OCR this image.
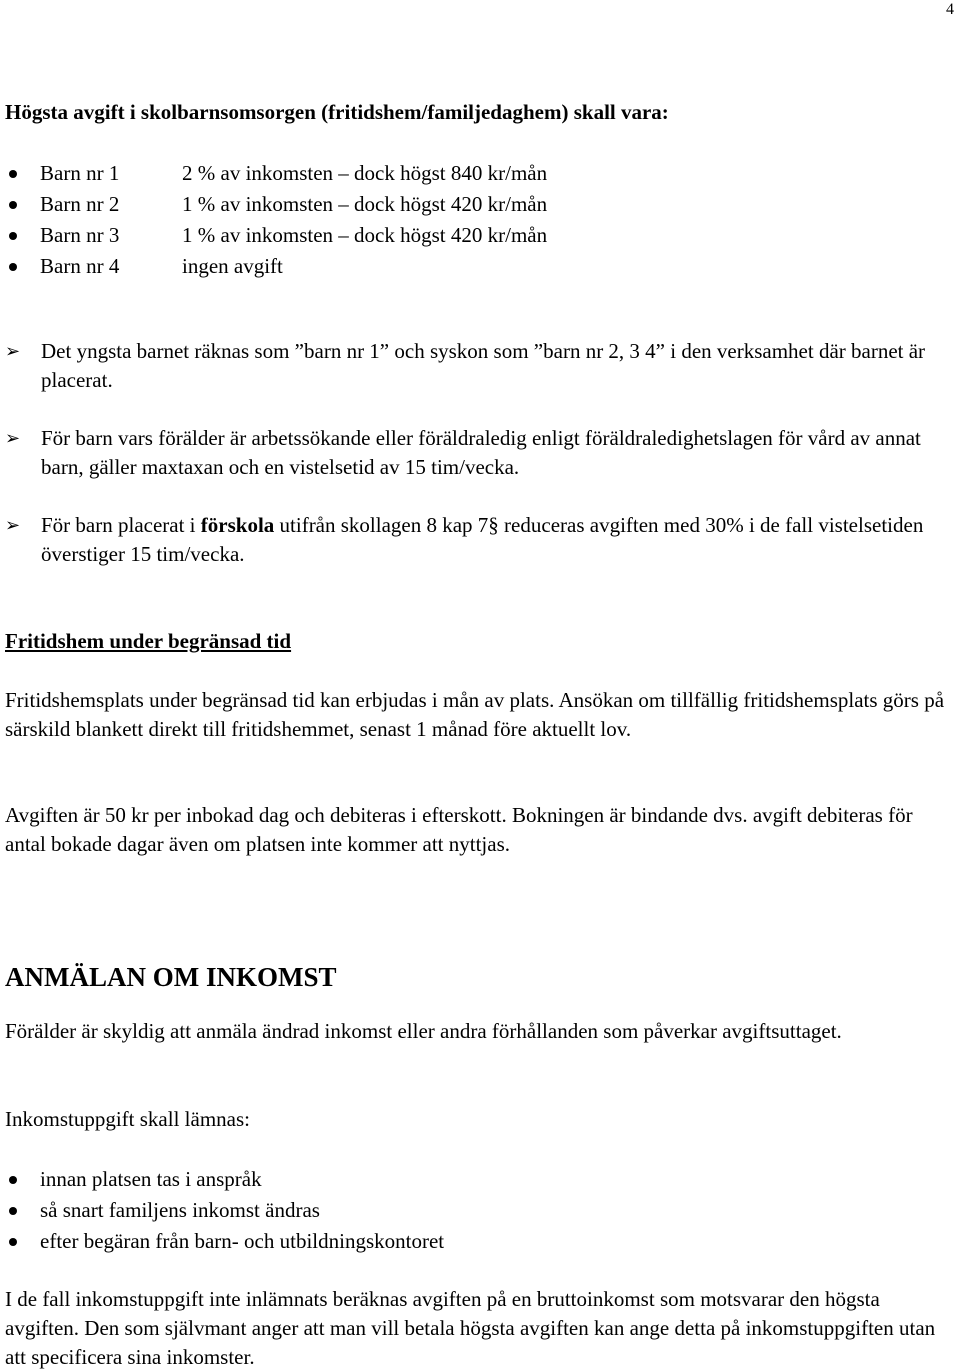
4
Högsta avgift i skolbarnsomsorgen (fritidshem/familjedaghem) skall vara:
Barn nr 1	2 % av inkomsten – dock högst 840 kr/mån
Barn nr 2	1 % av inkomsten – dock högst 420 kr/mån
Barn nr 3	1 % av inkomsten – dock högst 420 kr/mån
Barn nr 4	ingen avgift
➢ Det yngsta barnet räknas som ”barn nr 1” och syskon som ”barn nr 2, 3 4” i den verksamhet där barnet är placerat.
➢ För barn vars förälder är arbetssökande eller föräldraledig enligt föräldraledighetslagen för vård av annat barn, gäller maxtaxan och en vistelsetid av 15 tim/vecka.
➢ För barn placerat i förskola utifrån skollagen 8 kap 7§ reduceras avgiften med 30% i de fall vistelsetiden överstiger 15 tim/vecka.
Fritidshem under begränsad tid
Fritidshemsplats under begränsad tid kan erbjudas i mån av plats. Ansökan om tillfällig fritidshemsplats görs på särskild blankett direkt till fritidshemmet, senast 1 månad före aktuellt lov.
Avgiften är 50 kr per inbokad dag och debiteras i efterskott. Bokningen är bindande dvs. avgift debiteras för antal bokade dagar även om platsen inte kommer att nyttjas.
ANMÄLAN OM INKOMST
Förälder är skyldig att anmäla ändrad inkomst eller andra förhållanden som påverkar avgiftsuttaget.
Inkomstuppgift skall lämnas:
innan platsen tas i anspråk
så snart familjens inkomst ändras
efter begäran från barn- och utbildningskontoret
I de fall inkomstuppgift inte inlämnats beräknas avgiften på en bruttoinkomst som motsvarar den högsta avgiften. Den som självmant anger att man vill betala högsta avgiften kan ange detta på inkomstuppgiften utan att specificera sina inkomster.
